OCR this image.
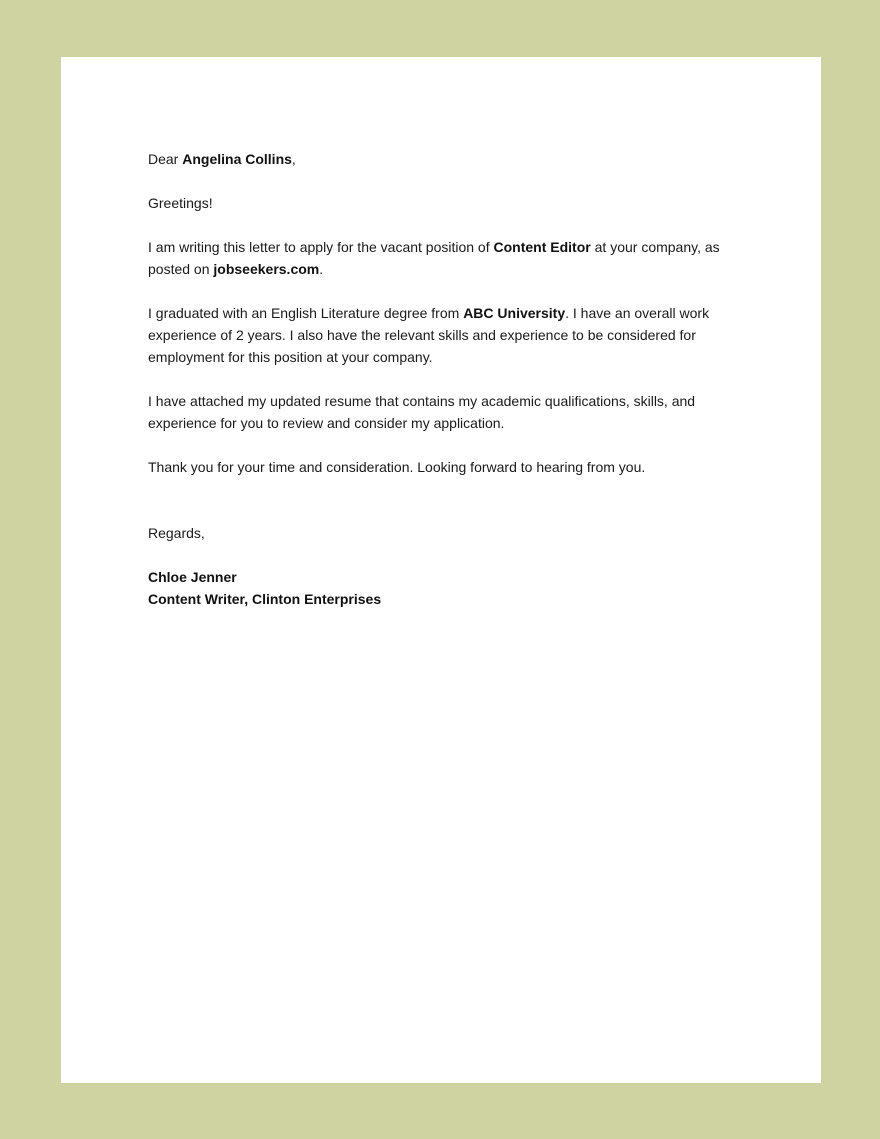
Dear Angelina Collins,

Greetings!

I am writing this letter to apply for the vacant position of Content Editor at your company, as posted on jobseekers.com.

I graduated with an English Literature degree from ABC University. I have an overall work experience of 2 years. I also have the relevant skills and experience to be considered for employment for this position at your company.

I have attached my updated resume that contains my academic qualifications, skills, and experience for you to review and consider my application.

Thank you for your time and consideration. Looking forward to hearing from you.

Regards,

Chloe Jenner
Content Writer, Clinton Enterprises
